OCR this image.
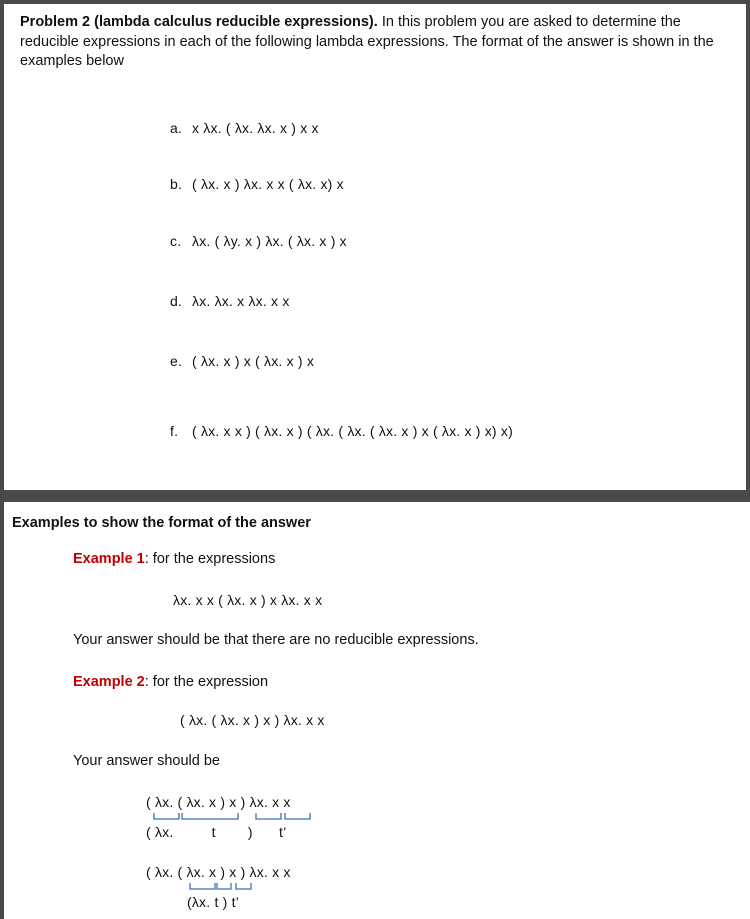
Problem 2 (lambda calculus reducible expressions). In this problem you are asked to determine the reducible expressions in each of the following lambda expressions. The format of the answer is shown in the examples below
a. x λx. ( λx. λx. x ) x x
b. ( λx. x ) λx. x x ( λx. x) x
c. λx. ( λy. x ) λx. ( λx. x ) x
d. λx. λx. x λx. x x
e. ( λx. x ) x ( λx. x ) x
f. ( λx. x x ) ( λx. x ) ( λx. ( λx. ( λx. x ) x ( λx. x ) x) x)
Examples to show the format of the answer
Example 1: for the expressions
λx. x x ( λx. x ) x λx. x x
Your answer should be that there are no reducible expressions.
Example 2: for the expression
( λx. ( λx. x ) x ) λx. x x
Your answer should be
( λx. ( λx. x ) x ) λx. x x
( λx.	t ) t’
( λx. ( λx. x ) x ) λx. x x
(λx. t ) t’
